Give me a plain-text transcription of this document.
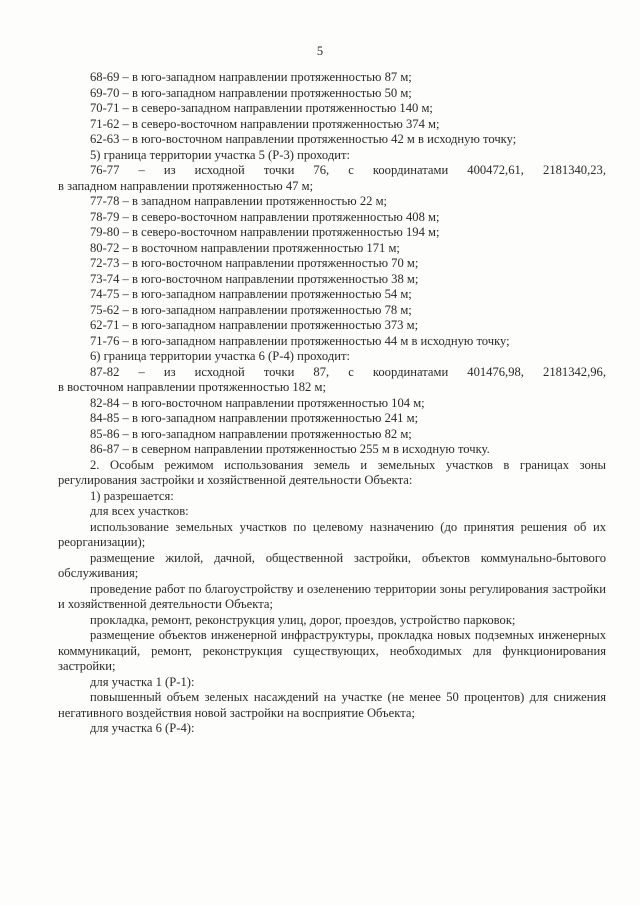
5

68-69 – в юго-западном направлении протяженностью 87 м;

69-70 – в юго-западном направлении протяженностью 50 м;

70-71 – в северо-западном направлении протяженностью 140 м;

71-62 – в северо-восточном направлении протяженностью 374 м;

62-63 – в юго-восточном направлении протяженностью 42 м в исходную точку;

5) граница территории участка 5 (Р-3) проходит:

76-77 – из исходной точки 76, с координатами 400472,61, 2181340,23,

в западном направлении протяженностью 47 м;

77-78 – в западном направлении протяженностью 22 м;

78-79 – в северо-восточном направлении протяженностью 408 м;

79-80 – в северо-восточном направлении протяженностью 194 м;

80-72 – в восточном направлении протяженностью 171 м;

72-73 – в юго-восточном направлении протяженностью 70 м;

73-74 – в юго-восточном направлении протяженностью 38 м;

74-75 – в юго-западном направлении протяженностью 54 м;

75-62 – в юго-западном направлении протяженностью 78 м;

62-71 – в юго-западном направлении протяженностью 373 м;

71-76 – в юго-западном направлении протяженностью 44 м в исходную точку;

6) граница территории участка 6 (Р-4) проходит:

87-82 – из исходной точки 87, с координатами 401476,98, 2181342,96,

в восточном направлении протяженностью 182 м;

82-84 – в юго-восточном направлении протяженностью 104 м;

84-85 – в юго-западном направлении протяженностью 241 м;

85-86 – в юго-западном направлении протяженностью 82 м;

86-87 – в северном направлении протяженностью 255 м в исходную точку.

2. Особым режимом использования земель и земельных участков в границах зоны регулирования застройки и хозяйственной деятельности Объекта:

1) разрешается:

для всех участков:

использование земельных участков по целевому назначению (до принятия решения об их реорганизации);

размещение жилой, дачной, общественной застройки, объектов коммунально-бытового обслуживания;

проведение работ по благоустройству и озеленению территории зоны регулирования застройки и хозяйственной деятельности Объекта;

прокладка, ремонт, реконструкция улиц, дорог, проездов, устройство парковок;

размещение объектов инженерной инфраструктуры, прокладка новых подземных инженерных коммуникаций, ремонт, реконструкция существующих, необходимых для функционирования застройки;

для участка 1 (Р-1):

повышенный объем зеленых насаждений на участке (не менее 50 процентов) для снижения негативного воздействия новой застройки на восприятие Объекта;

для участка 6 (Р-4):
